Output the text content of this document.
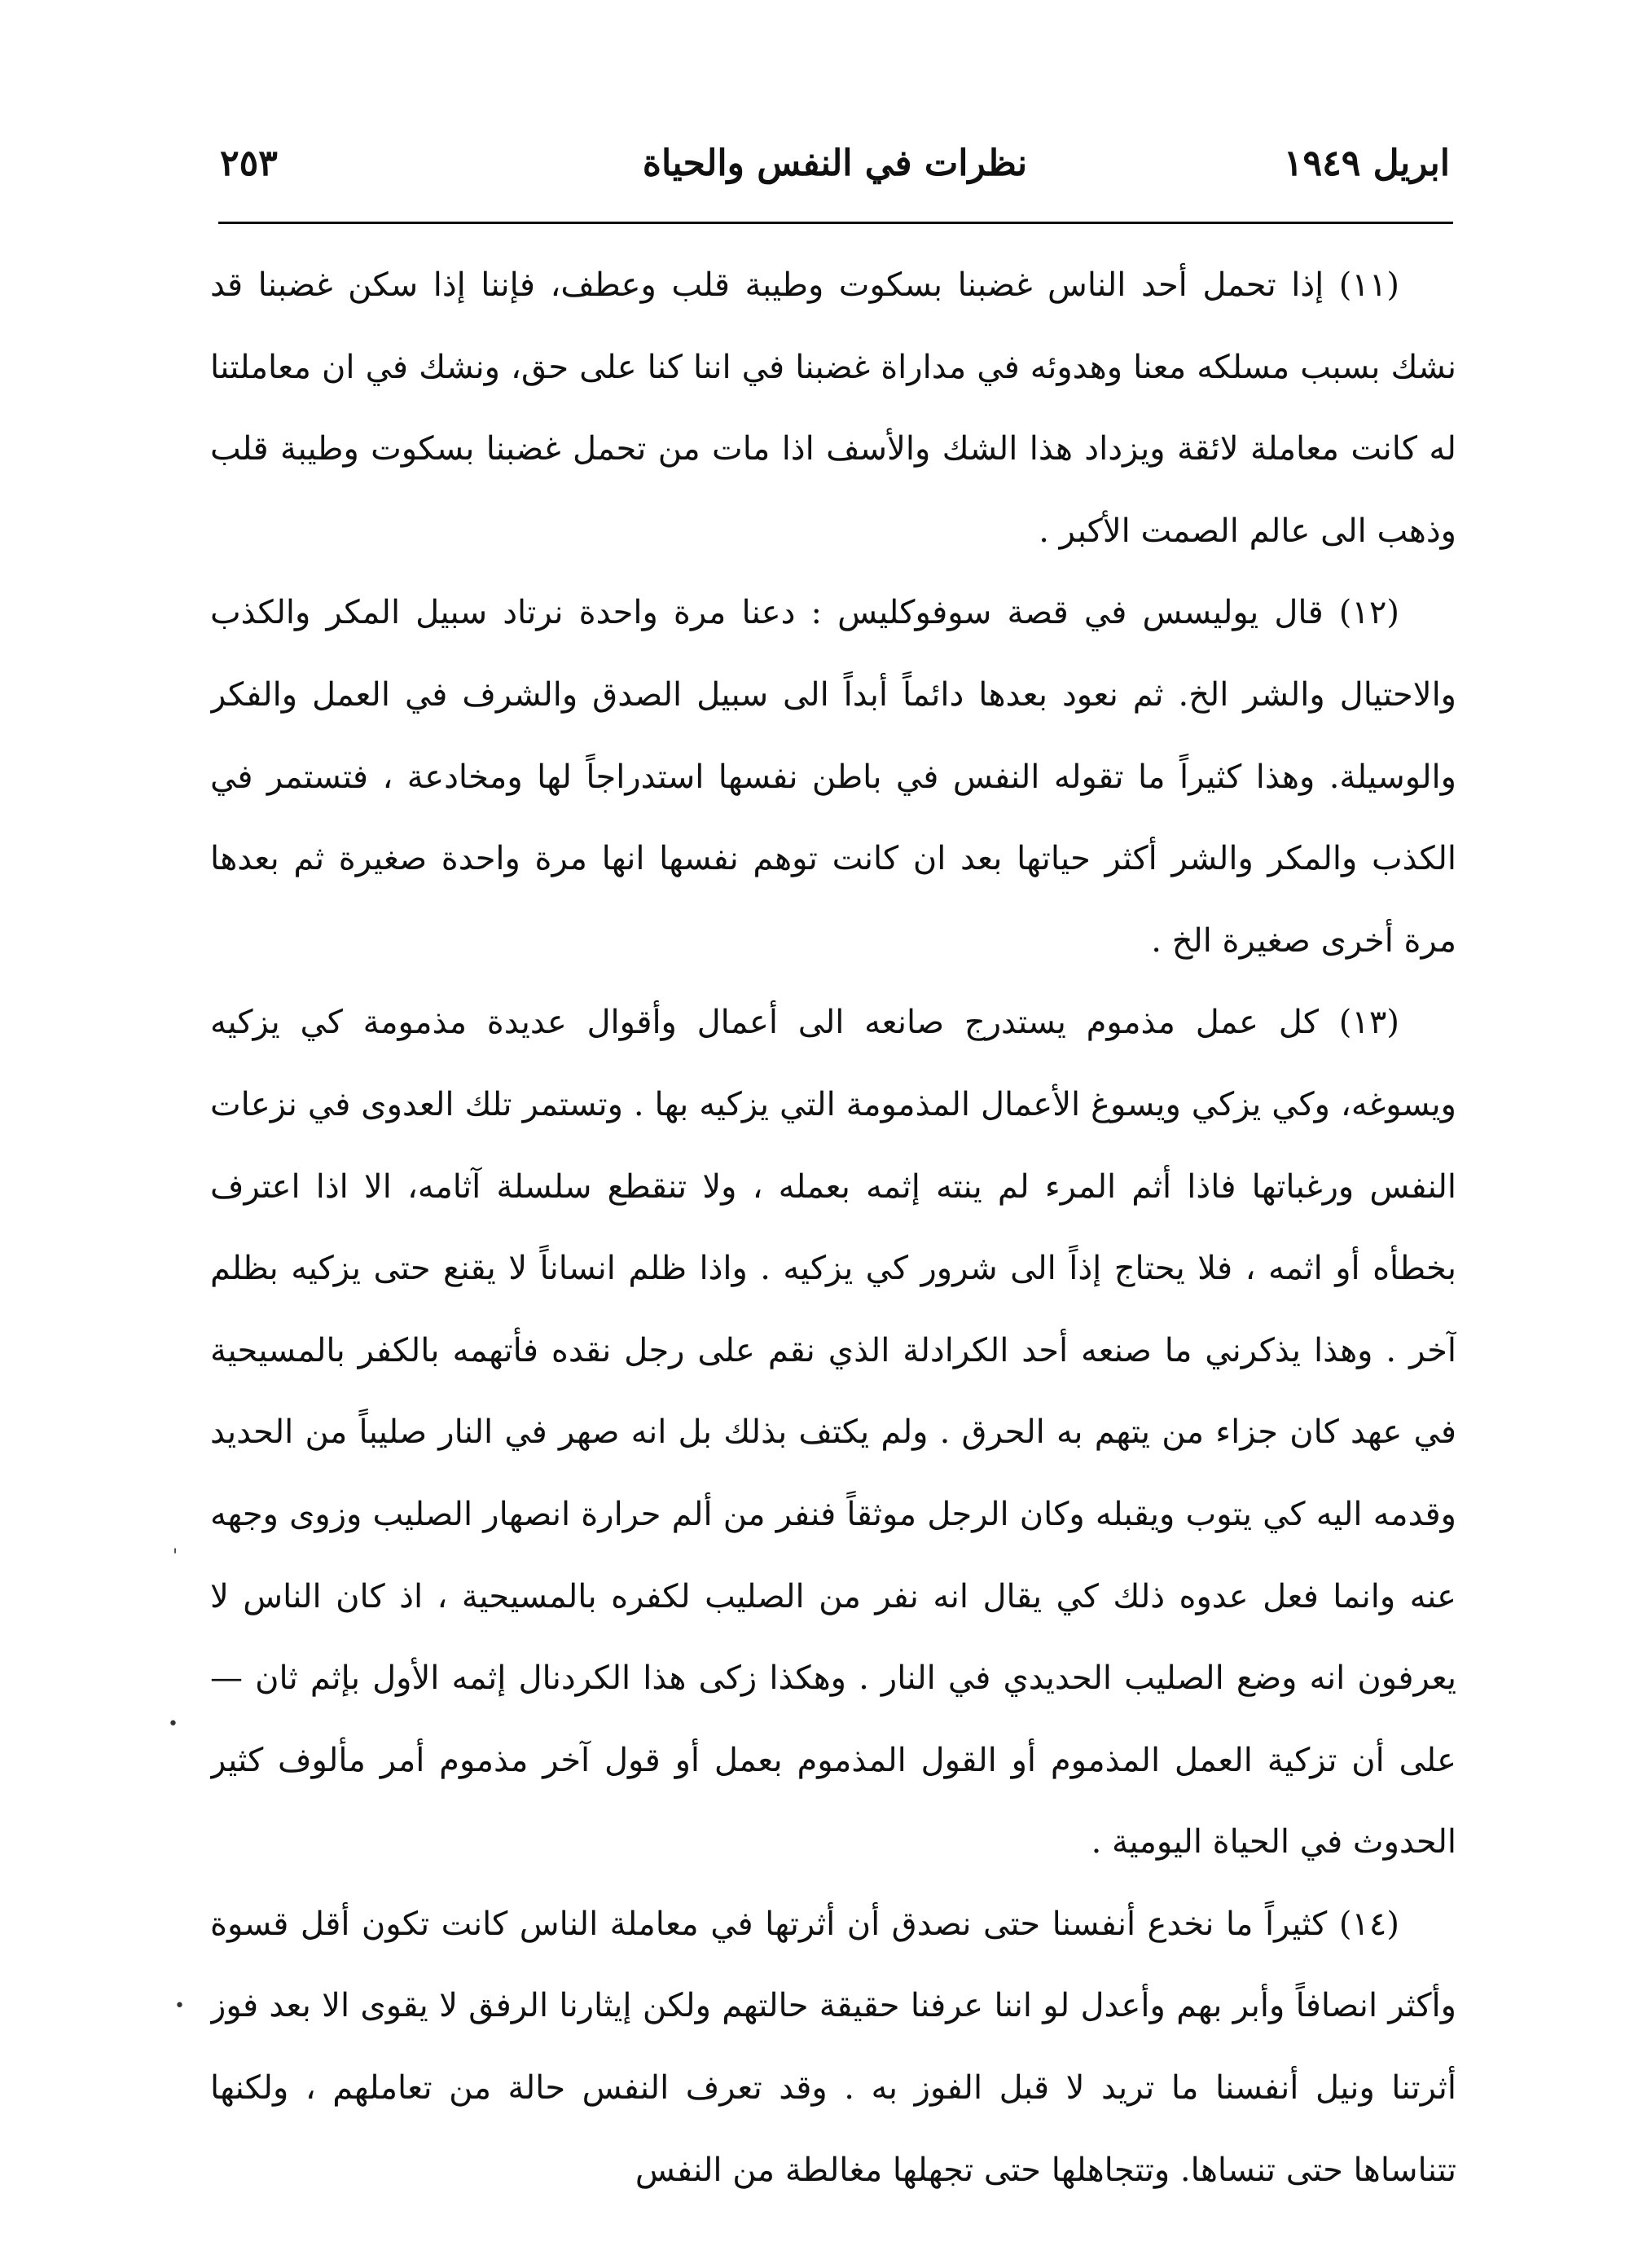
ابريل ١٩٤٩
نظرات في النفس والحياة
٢٥٣

(١١) إذا تحمل أحد الناس غضبنا بسكوت وطيبة قلب وعطف، فإننا إذا سكن غضبنا قد نشك بسبب مسلكه معنا وهدوئه في مداراة غضبنا في اننا كنا على حق، ونشك في ان معاملتنا له كانت معاملة لائقة ويزداد هذا الشك والأسف اذا مات من تحمل غضبنا بسكوت وطيبة قلب وذهب الى عالم الصمت الأكبر .

(١٢) قال يوليسس في قصة سوفوكليس : دعنا مرة واحدة نرتاد سبيل المكر والكذب والاحتيال والشر الخ. ثم نعود بعدها دائماً أبداً الى سبيل الصدق والشرف في العمل والفكر والوسيلة. وهذا كثيراً ما تقوله النفس في باطن نفسها استدراجاً لها ومخادعة ، فتستمر في الكذب والمكر والشر أكثر حياتها بعد ان كانت توهم نفسها انها مرة واحدة صغيرة ثم بعدها مرة أخرى صغيرة الخ .

(١٣) كل عمل مذموم يستدرج صانعه الى أعمال وأقوال عديدة مذمومة كي يزكيه ويسوغه، وكي يزكي ويسوغ الأعمال المذمومة التي يزكيه بها . وتستمر تلك العدوى في نزعات النفس ورغباتها فاذا أثم المرء لم ينته إثمه بعمله ، ولا تنقطع سلسلة آثامه، الا اذا اعترف بخطأه أو اثمه ، فلا يحتاج إذاً الى شرور كي يزكيه . واذا ظلم انساناً لا يقنع حتى يزكيه بظلم آخر . وهذا يذكرني ما صنعه أحد الكرادلة الذي نقم على رجل نقده فأتهمه بالكفر بالمسيحية في عهد كان جزاء من يتهم به الحرق . ولم يكتف بذلك بل انه صهر في النار صليباً من الحديد وقدمه اليه كي يتوب ويقبله وكان الرجل موثقاً فنفر من ألم حرارة انصهار الصليب وزوى وجهه عنه وانما فعل عدوه ذلك كي يقال انه نفر من الصليب لكفره بالمسيحية ، اذ كان الناس لا يعرفون انه وضع الصليب الحديدي في النار . وهكذا زكى هذا الكردنال إثمه الأول بإثم ثان — على أن تزكية العمل المذموم أو القول المذموم بعمل أو قول آخر مذموم أمر مألوف كثير الحدوث في الحياة اليومية .

(١٤) كثيراً ما نخدع أنفسنا حتى نصدق أن أثرتها في معاملة الناس كانت تكون أقل قسوة وأكثر انصافاً وأبر بهم وأعدل لو اننا عرفنا حقيقة حالتهم ولكن إيثارنا الرفق لا يقوى الا بعد فوز أثرتنا ونيل أنفسنا ما تريد لا قبل الفوز به . وقد تعرف النفس حالة من تعاملهم ، ولكنها تتناساها حتى تنساها. وتتجاهلها حتى تجهلها مغالطة من النفس

'
•
•
